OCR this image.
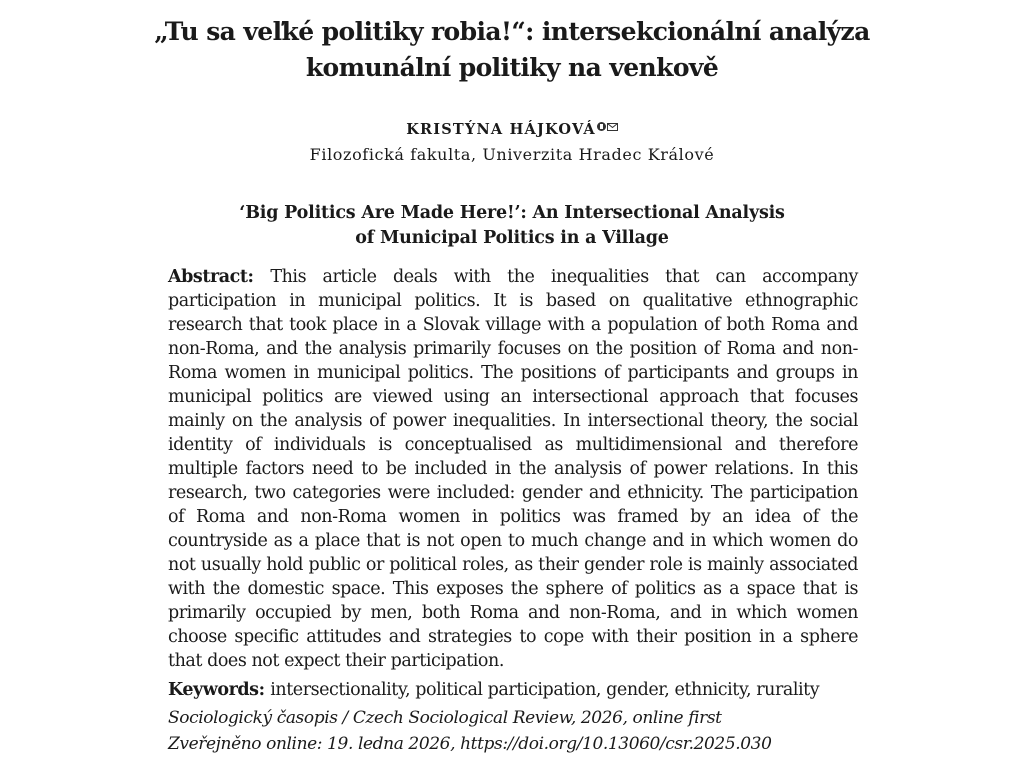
„Tu sa veľké politiky robia!“: intersekcionální analýza
komunální politiky na venkově
KRISTÝNA HÁJKOVÁ
Filozofická fakulta, Univerzita Hradec Králové
‘Big Politics Are Made Here!’: An Intersectional Analysis
of Municipal Politics in a Village
Abstract: This article deals with the inequalities that can accompany participation in municipal politics. It is based on qualitative ethnographic research that took place in a Slovak village with a population of both Roma and non-Roma, and the analysis primarily focuses on the position of Roma and non-Roma women in municipal politics. The positions of participants and groups in municipal politics are viewed using an intersectional approach that focuses mainly on the analysis of power inequalities. In intersectional theory, the social identity of individuals is conceptualised as multidimensional and therefore multiple factors need to be included in the analysis of power relations. In this research, two categories were included: gender and ethnicity. The participation of Roma and non-Roma women in politics was framed by an idea of the countryside as a place that is not open to much change and in which women do not usually hold public or political roles, as their gender role is mainly associated with the domestic space. This exposes the sphere of politics as a space that is primarily occupied by men, both Roma and non-Roma, and in which women choose specific attitudes and strategies to cope with their position in a sphere that does not expect their participation.
Keywords: intersectionality, political participation, gender, ethnicity, rurality
Sociologický časopis / Czech Sociological Review, 2026, online first
Zveřejněno online: 19. ledna 2026, https://doi.org/10.13060/csr.2025.030
